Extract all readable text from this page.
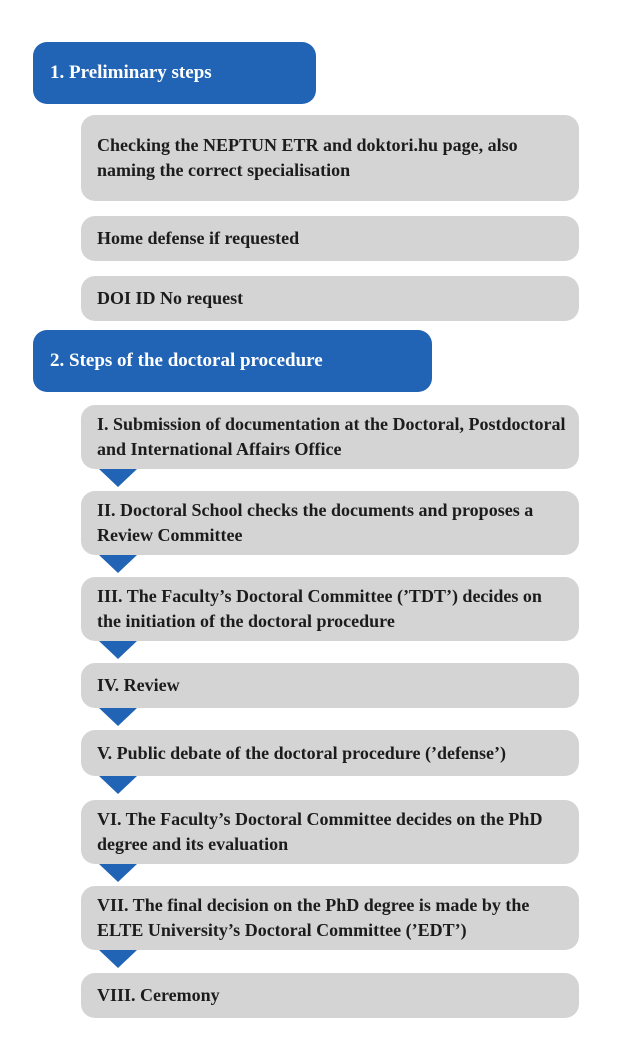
1. Preliminary steps
Checking the NEPTUN ETR and doktori.hu page, also naming the correct specialisation
Home defense if requested
DOI ID No request
2. Steps of the doctoral procedure
I. Submission of documentation at the Doctoral, Postdoctoral and International Affairs Office
II. Doctoral School checks the documents and proposes a Review Committee
III. The Faculty’s Doctoral Committee (’TDT’) decides on the initiation of the doctoral procedure
IV. Review
V. Public debate of the doctoral procedure (’defense’)
VI. The Faculty’s Doctoral Committee decides on the PhD degree and its evaluation
VII. The final decision on the PhD degree is made by the ELTE University’s Doctoral Committee (’EDT’)
VIII. Ceremony
